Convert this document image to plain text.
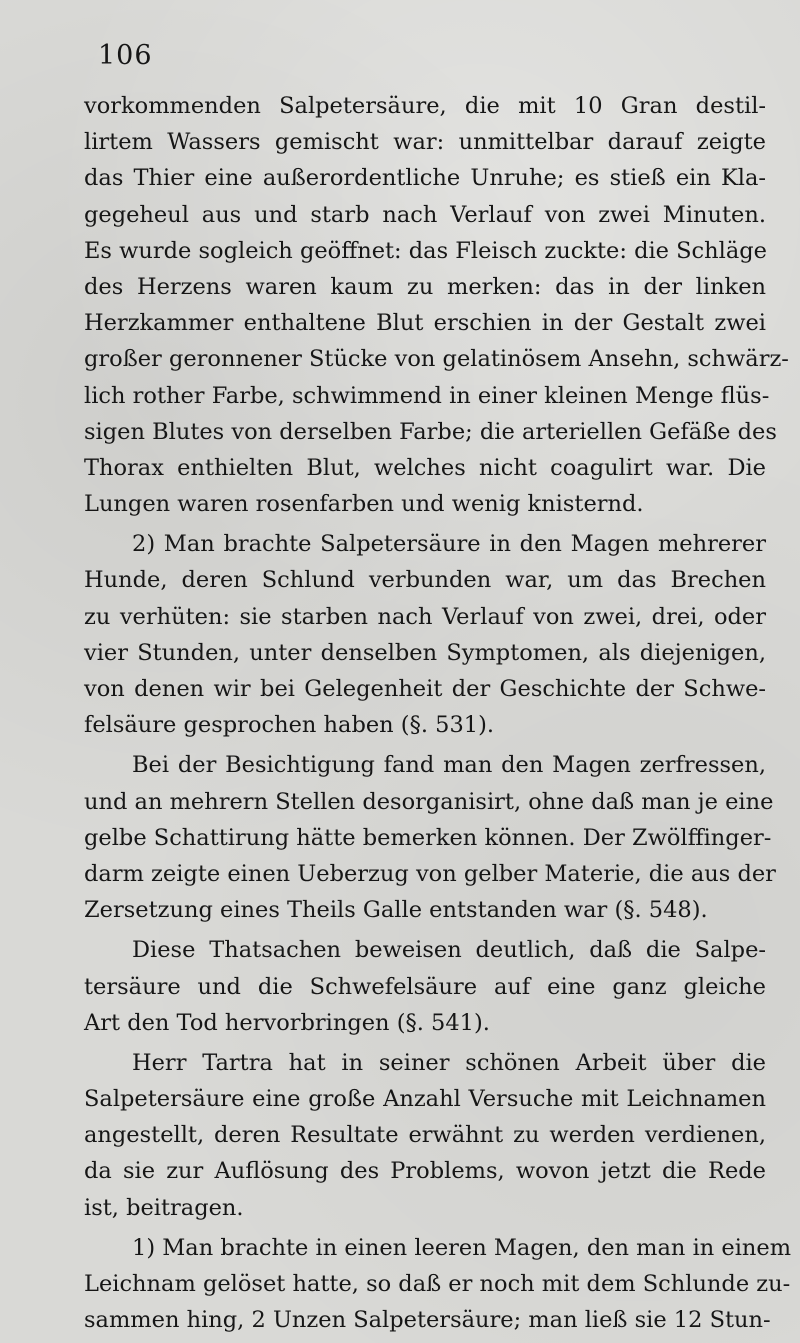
106
vorkommenden Salpetersäure, die mit 10 Gran destil-
lirtem Wassers gemischt war: unmittelbar darauf zeigte
das Thier eine außerordentliche Unruhe; es stieß ein Kla-
gegeheul aus und starb nach Verlauf von zwei Minuten.
Es wurde sogleich geöffnet: das Fleisch zuckte: die Schläge
des Herzens waren kaum zu merken: das in der linken
Herzkammer enthaltene Blut erschien in der Gestalt zwei
großer geronnener Stücke von gelatinösem Ansehn, schwärz-
lich rother Farbe, schwimmend in einer kleinen Menge flüs-
sigen Blutes von derselben Farbe; die arteriellen Gefäße des
Thorax enthielten Blut, welches nicht coagulirt war. Die
Lungen waren rosenfarben und wenig knisternd.
2) Man brachte Salpetersäure in den Magen mehrerer
Hunde, deren Schlund verbunden war, um das Brechen
zu verhüten: sie starben nach Verlauf von zwei, drei, oder
vier Stunden, unter denselben Symptomen, als diejenigen,
von denen wir bei Gelegenheit der Geschichte der Schwe-
felsäure gesprochen haben (§. 531).
Bei der Besichtigung fand man den Magen zerfressen,
und an mehrern Stellen desorganisirt, ohne daß man je eine
gelbe Schattirung hätte bemerken können. Der Zwölffinger-
darm zeigte einen Ueberzug von gelber Materie, die aus der
Zersetzung eines Theils Galle entstanden war (§. 548).
Diese Thatsachen beweisen deutlich, daß die Salpe-
tersäure und die Schwefelsäure auf eine ganz gleiche
Art den Tod hervorbringen (§. 541).
Herr Tartra hat in seiner schönen Arbeit über die
Salpetersäure eine große Anzahl Versuche mit Leichnamen
angestellt, deren Resultate erwähnt zu werden verdienen,
da sie zur Auflösung des Problems, wovon jetzt die Rede
ist, beitragen.
1) Man brachte in einen leeren Magen, den man in einem
Leichnam gelöset hatte, so daß er noch mit dem Schlunde zu-
sammen hing, 2 Unzen Salpetersäure; man ließ sie 12 Stun-
